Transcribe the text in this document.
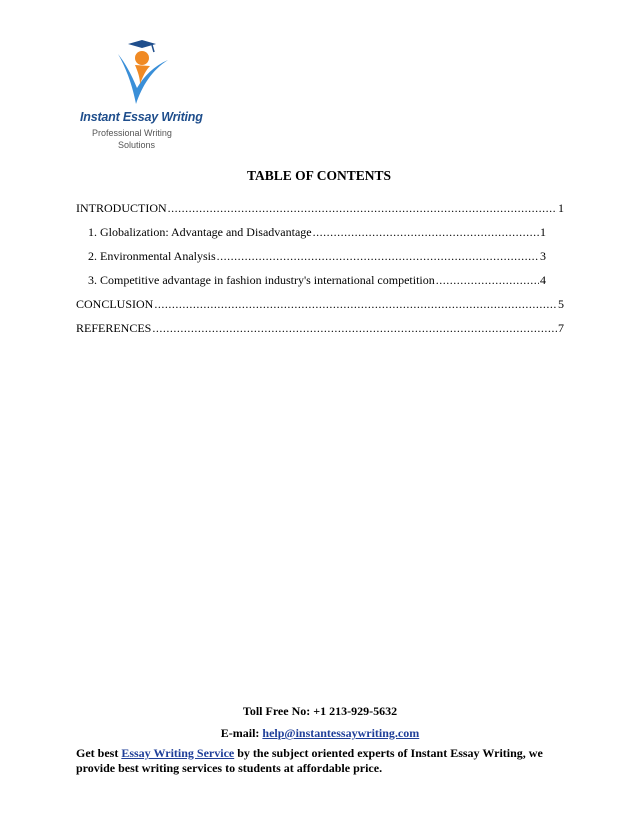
Instant Essay Writing
Professional Writing
Solutions
TABLE OF CONTENTS
INTRODUCTION .....	1
1. Globalization: Advantage and Disadvantage .....	1
2. Environmental Analysis .....	3
3. Competitive advantage in fashion industry's international competition .....	4
CONCLUSION .....	5
REFERENCES .....	7
Toll Free No: +1 213-929-5632
E-mail: help@instantessaywriting.com
Get best Essay Writing Service by the subject oriented experts of Instant Essay Writing, we provide best writing services to students at affordable price.
